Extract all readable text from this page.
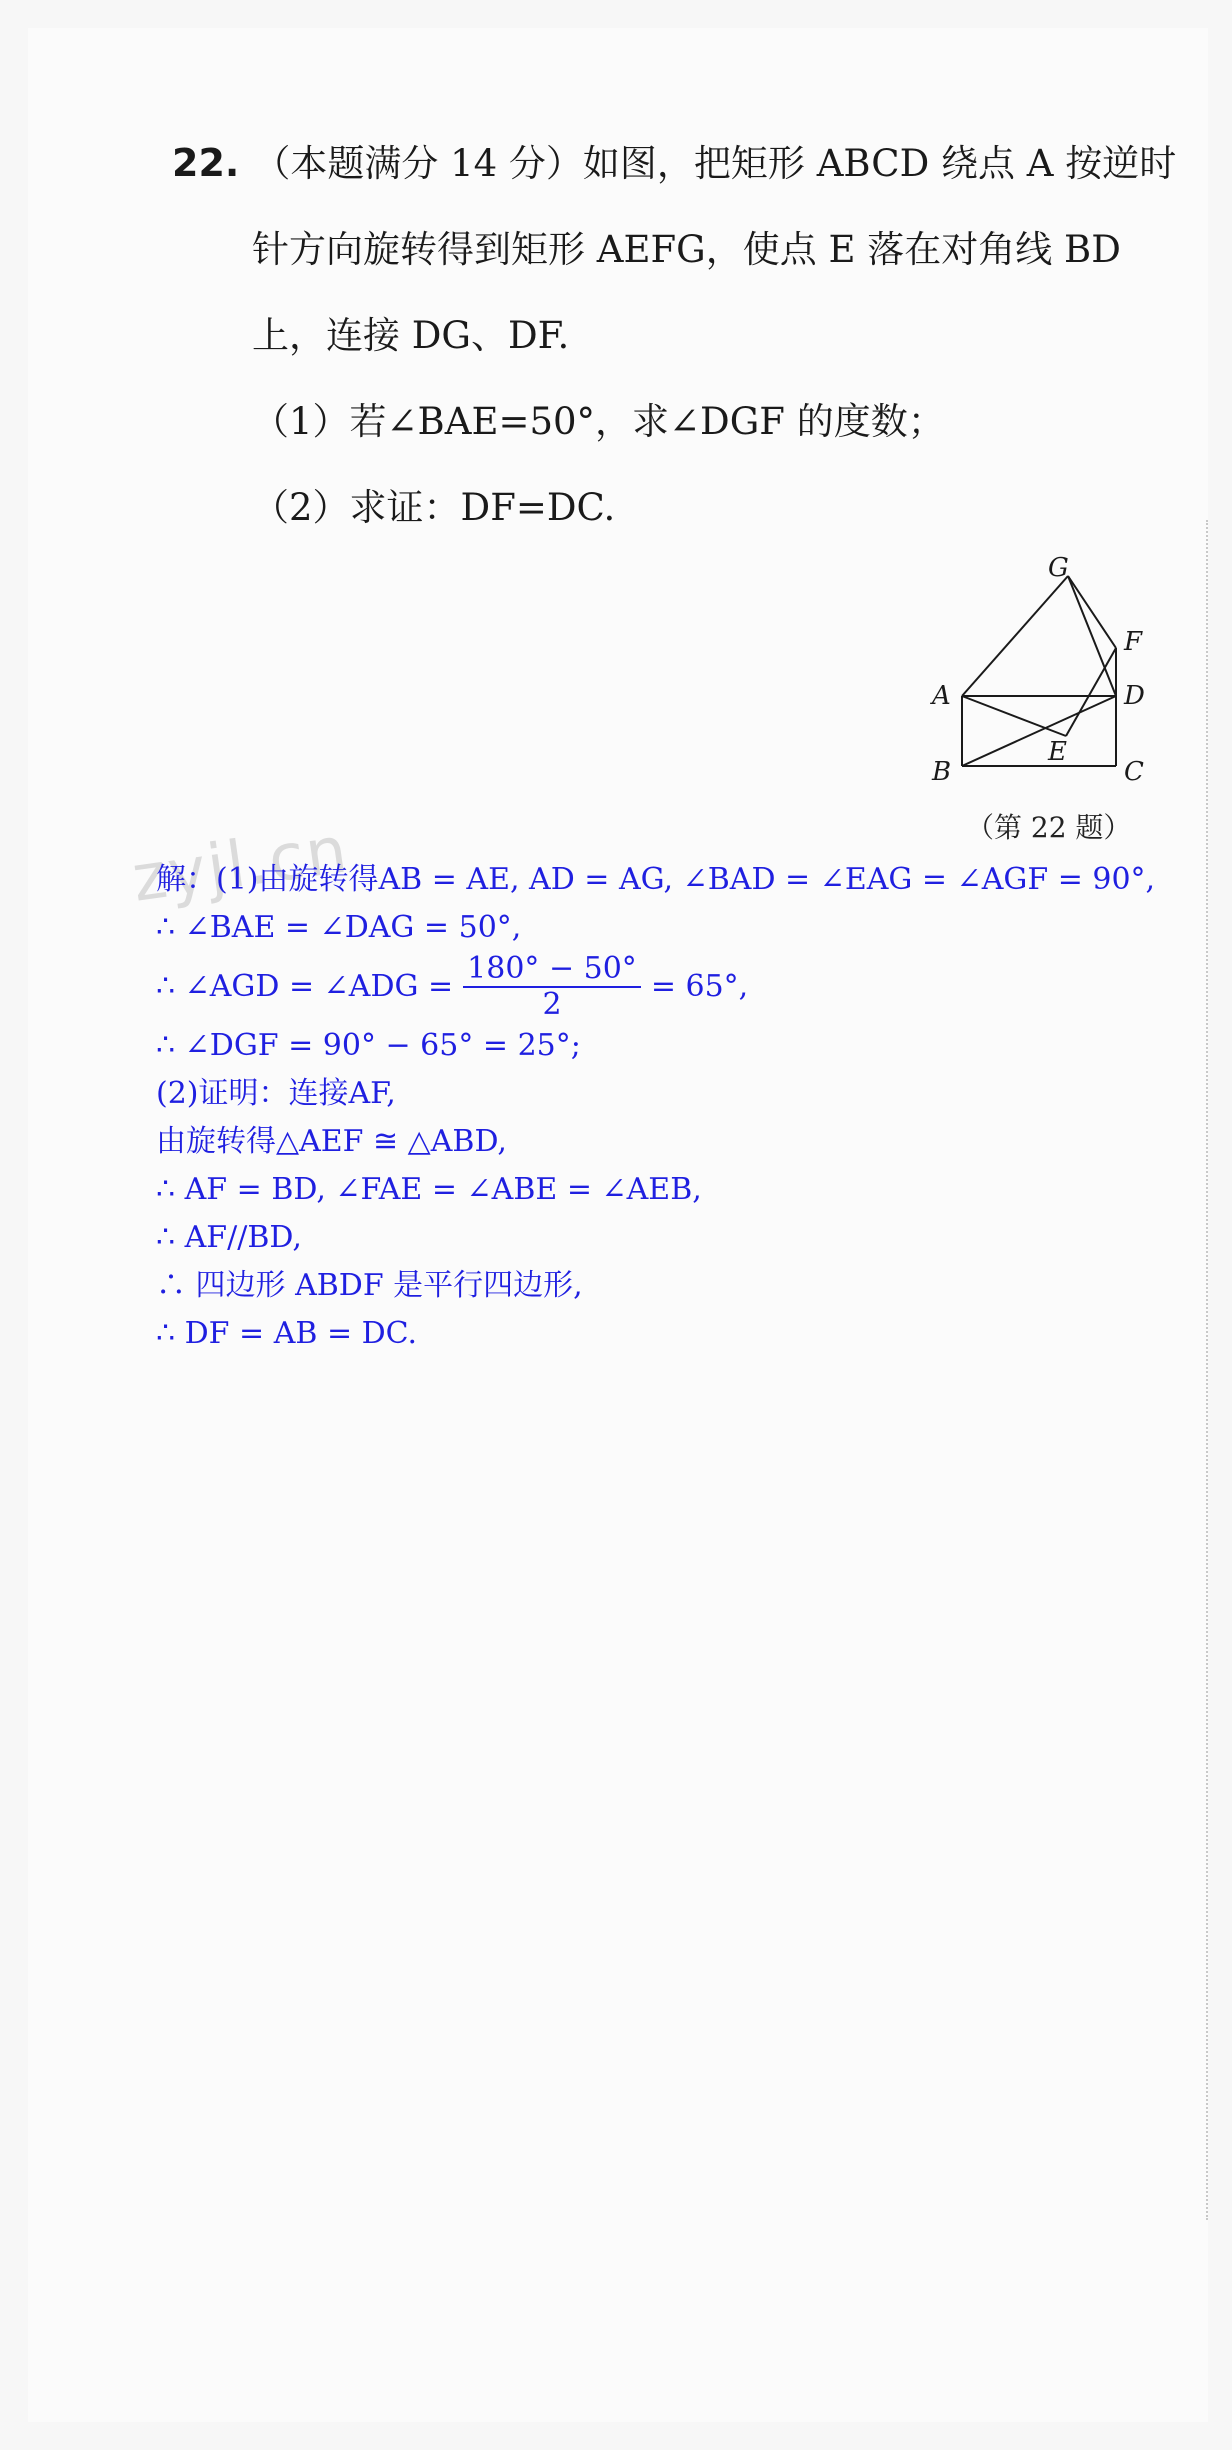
22. （本题满分 14 分）如图，把矩形 ABCD 绕点 A 按逆时
针方向旋转得到矩形 AEFG，使点 E 落在对角线 BD
上，连接 DG、DF.
（1）若∠BAE=50°，求∠DGF 的度数；
（2）求证：DF=DC.
A
B	C
D
E
F
G
（第 22 题）
zyjl.cn
解：(1)由旋转得AB = AE, AD = AG, ∠BAD = ∠EAG = ∠AGF = 90°,
∴ ∠BAE = ∠DAG = 50°,
∴ ∠AGD = ∠ADG = $\frac{180^\circ - 50^\circ}{2} = 65^\circ$,
∴ ∠DGF = 90° − 65° = 25°;
(2)证明：连接AF,
由旋转得△AEF ≅ △ABD,
∴ AF = BD, ∠FAE = ∠ABE = ∠AEB,
∴ AF//BD,
∴ 四边形 ABDF 是平行四边形,
∴ DF = AB = DC.
